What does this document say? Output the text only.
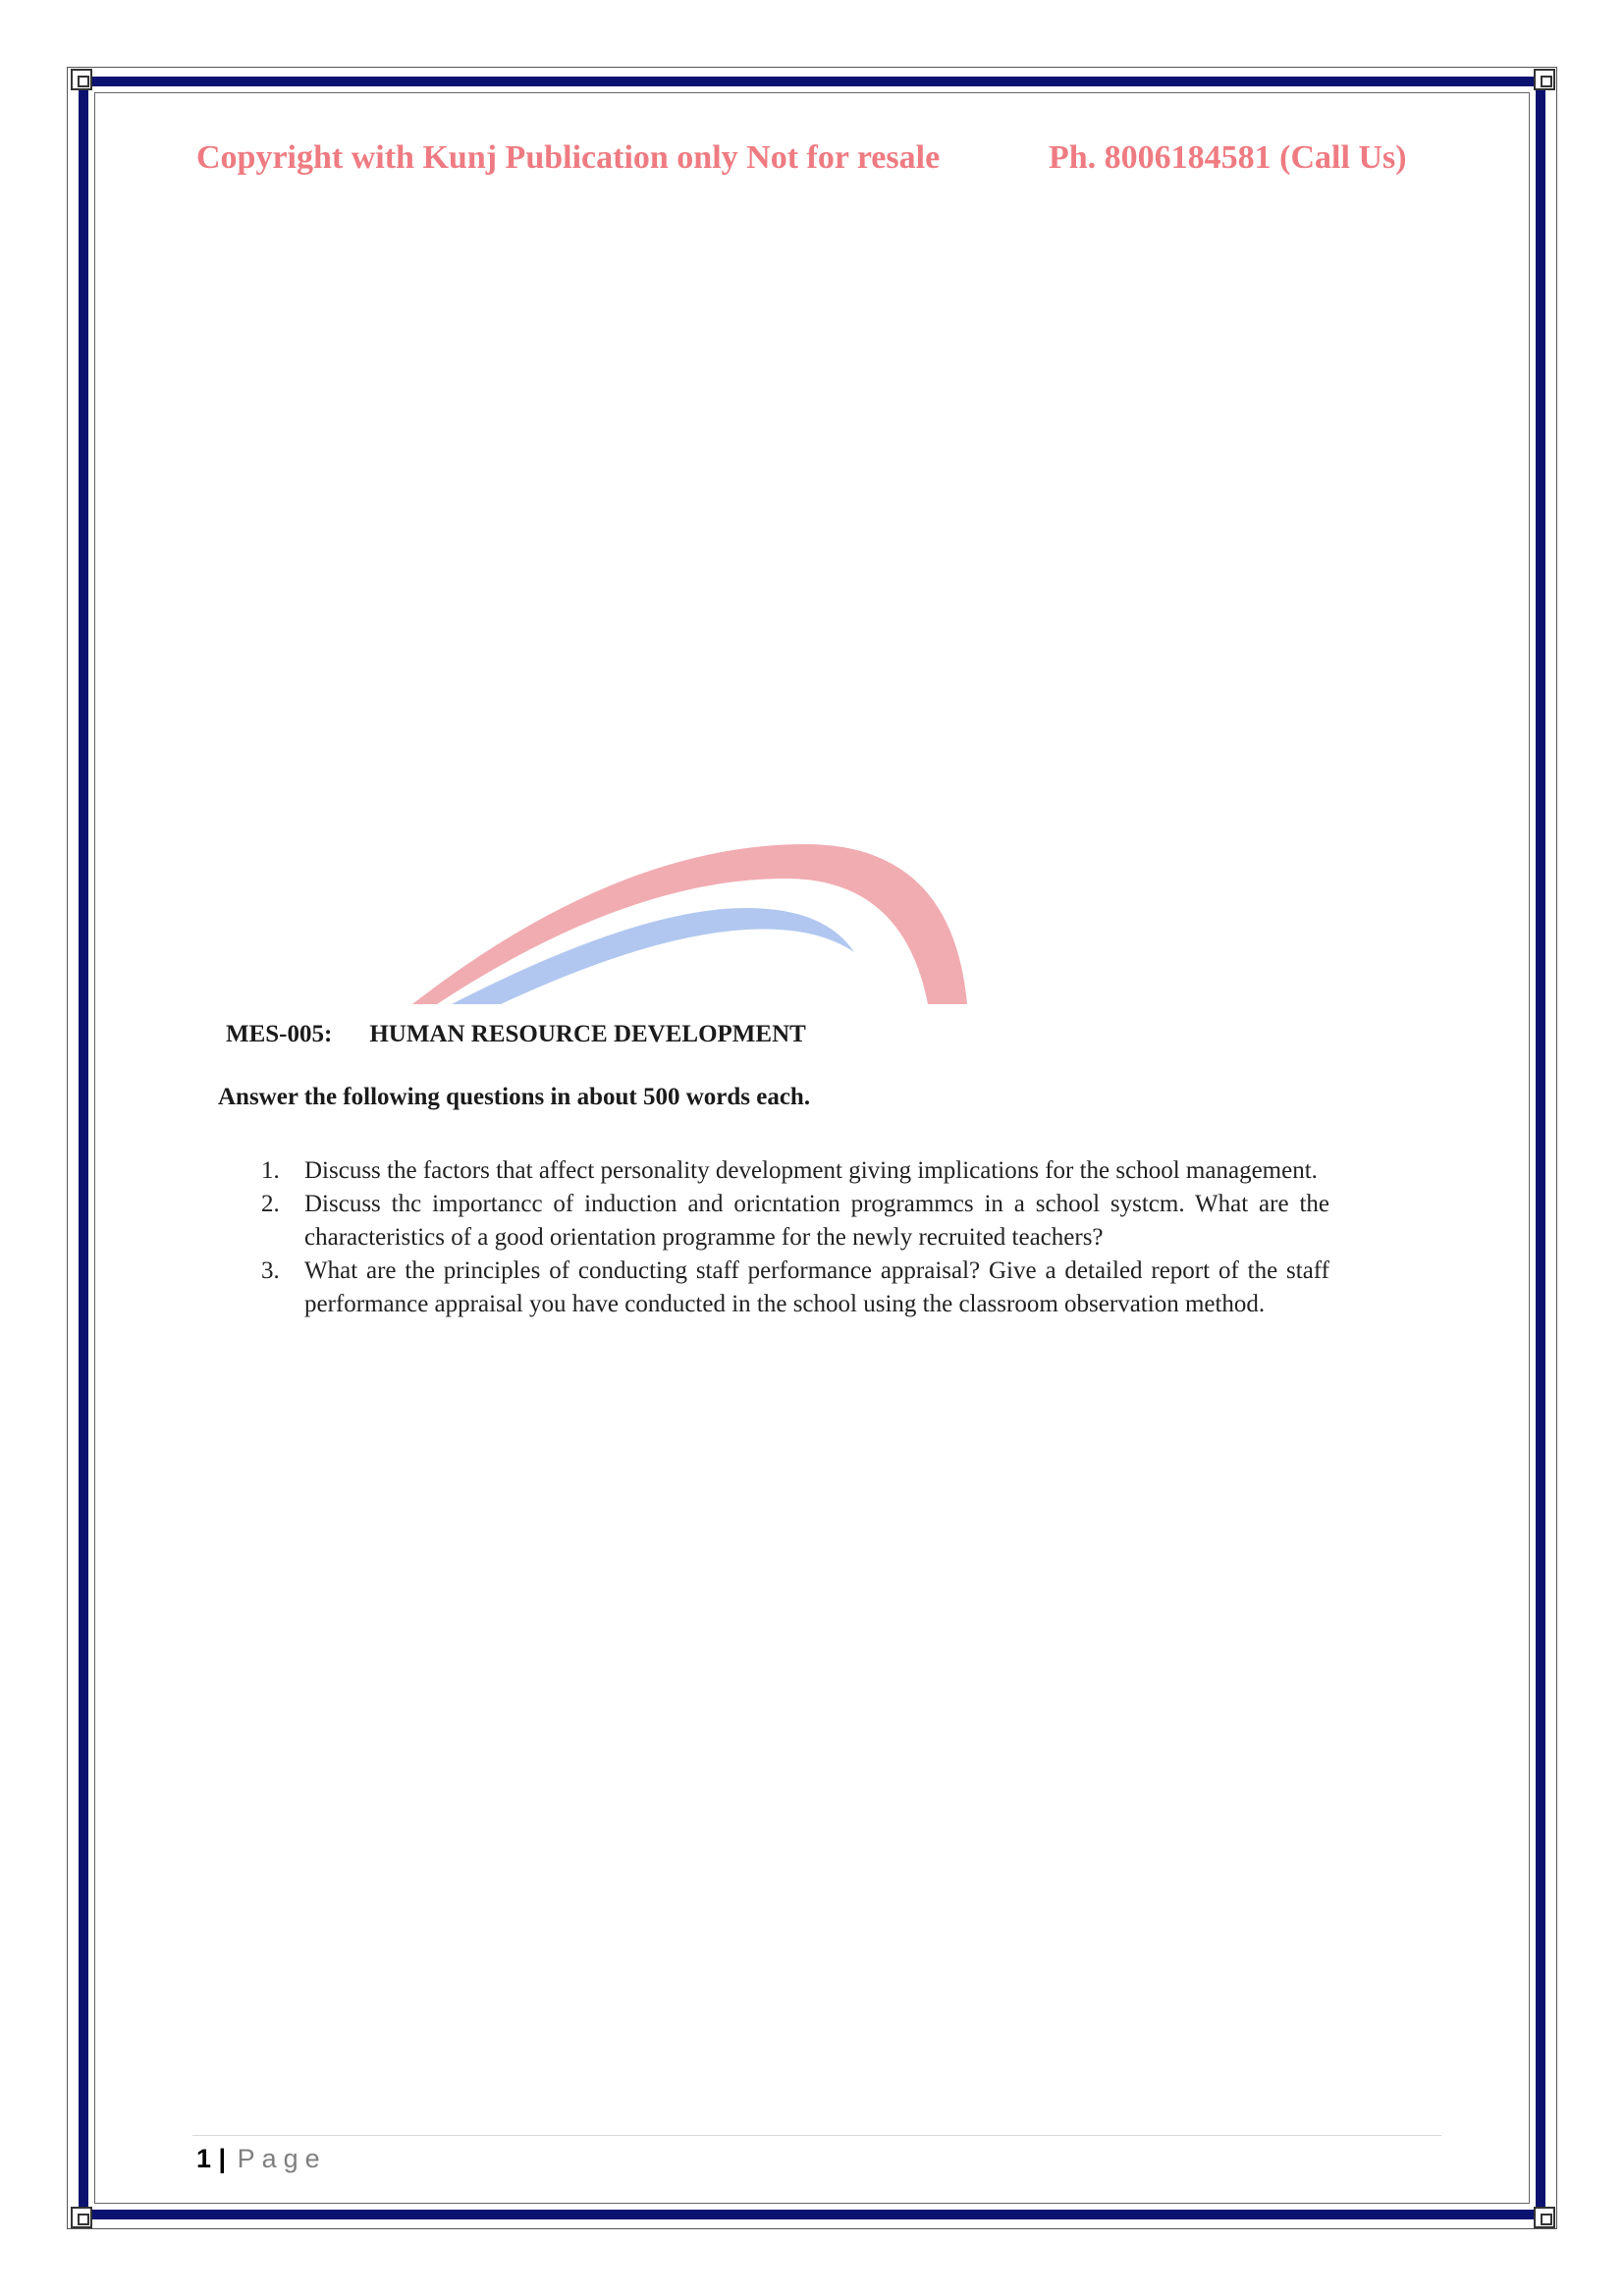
Copyright with Kunj Publication only Not for resale	Ph. 8006184581 (Call Us)
MES-005: HUMAN RESOURCE DEVELOPMENT
Answer the following questions in about 500 words each.
1. Discuss the factors that affect personality development giving implications for the school management.
2. Discuss thc importancc of induction and oricntation programmcs in a school systcm. What are the characteristics of a good orientation programme for the newly recruited teachers?
3. What are the principles of conducting staff performance appraisal? Give a detailed report of the staff performance appraisal you have conducted in the school using the classroom observation method.
1 | Page
